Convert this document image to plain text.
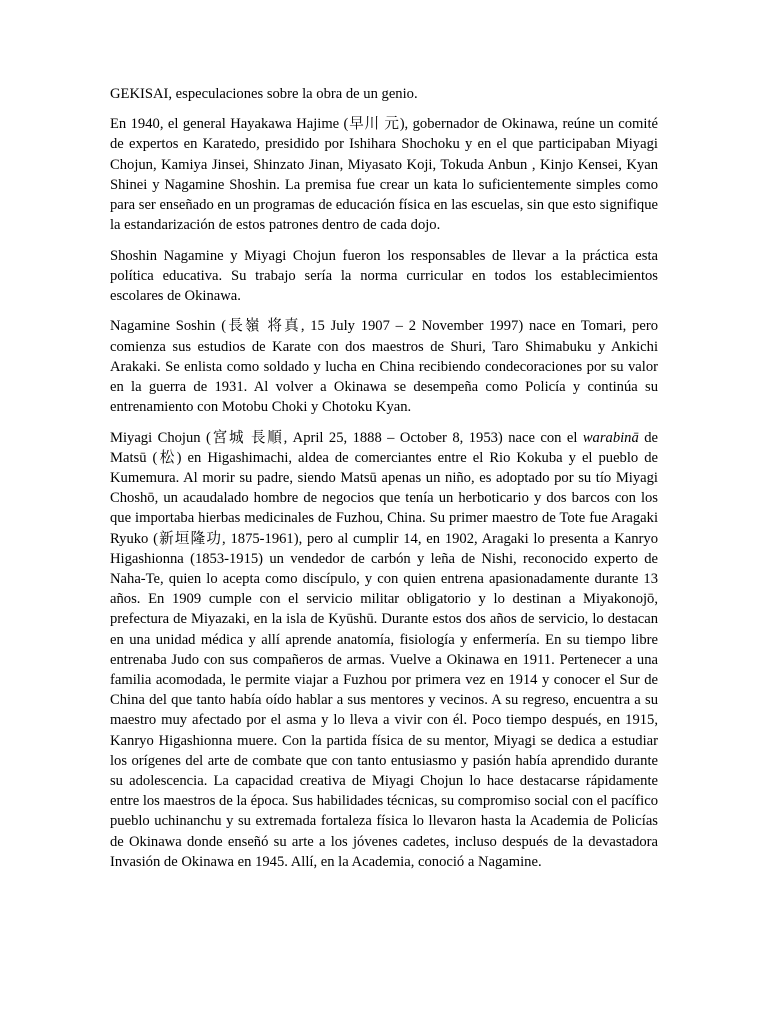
GEKISAI, especulaciones sobre la obra de un genio.

En 1940, el general Hayakawa Hajime (早川 元), gobernador de Okinawa, reúne un comité de expertos en Karatedo, presidido por Ishihara Shochoku y en el que participaban Miyagi Chojun, Kamiya Jinsei, Shinzato Jinan, Miyasato Koji, Tokuda Anbun , Kinjo Kensei, Kyan Shinei y Nagamine Shoshin. La premisa fue crear un kata lo suficientemente simples como para ser enseñado en un programas de educación física en las escuelas, sin que esto signifique la estandarización de estos patrones dentro de cada dojo.

Shoshin Nagamine y Miyagi Chojun fueron los responsables de llevar a la práctica esta política educativa. Su trabajo sería la norma curricular en todos los establecimientos escolares de Okinawa.

Nagamine Soshin (長嶺 将真, 15 July 1907 – 2 November 1997) nace en Tomari, pero comienza sus estudios de Karate con dos maestros de Shuri, Taro Shimabuku y Ankichi Arakaki. Se enlista como soldado y lucha en China recibiendo condecoraciones por su valor en la guerra de 1931. Al volver a Okinawa se desempeña como Policía y continúa su entrenamiento con Motobu Choki y Chotoku Kyan.

Miyagi Chojun (宮城 長順, April 25, 1888 – October 8, 1953) nace con el warabinā de Matsū (松) en Higashimachi, aldea de comerciantes entre el Rio Kokuba y el pueblo de Kumemura. Al morir su padre, siendo Matsū apenas un niño, es adoptado por su tío Miyagi Choshō, un acaudalado hombre de negocios que tenía un herboticario y dos barcos con los que importaba hierbas medicinales de Fuzhou, China. Su primer maestro de Tote fue Aragaki Ryuko (新垣隆功, 1875-1961), pero al cumplir 14, en 1902, Aragaki lo presenta a Kanryo Higashionna (1853-1915) un vendedor de carbón y leña de Nishi, reconocido experto de Naha-Te, quien lo acepta como discípulo, y con quien entrena apasionadamente durante 13 años. En 1909 cumple con el servicio militar obligatorio y lo destinan a Miyakonojō, prefectura de Miyazaki, en la isla de Kyūshū. Durante estos dos años de servicio, lo destacan en una unidad médica y allí aprende anatomía, fisiología y enfermería. En su tiempo libre entrenaba Judo con sus compañeros de armas. Vuelve a Okinawa en 1911. Pertenecer a una familia acomodada, le permite viajar a Fuzhou por primera vez en 1914 y conocer el Sur de China del que tanto había oído hablar a sus mentores y vecinos. A su regreso, encuentra a su maestro muy afectado por el asma y lo lleva a vivir con él. Poco tiempo después, en 1915, Kanryo Higashionna muere. Con la partida física de su mentor, Miyagi se dedica a estudiar los orígenes del arte de combate que con tanto entusiasmo y pasión había aprendido durante su adolescencia. La capacidad creativa de Miyagi Chojun lo hace destacarse rápidamente entre los maestros de la época. Sus habilidades técnicas, su compromiso social con el pacífico pueblo uchinanchu y su extremada fortaleza física lo llevaron hasta la Academia de Policías de Okinawa donde enseñó su arte a los jóvenes cadetes, incluso después de la devastadora Invasión de Okinawa en 1945. Allí, en la Academia, conoció a Nagamine.
